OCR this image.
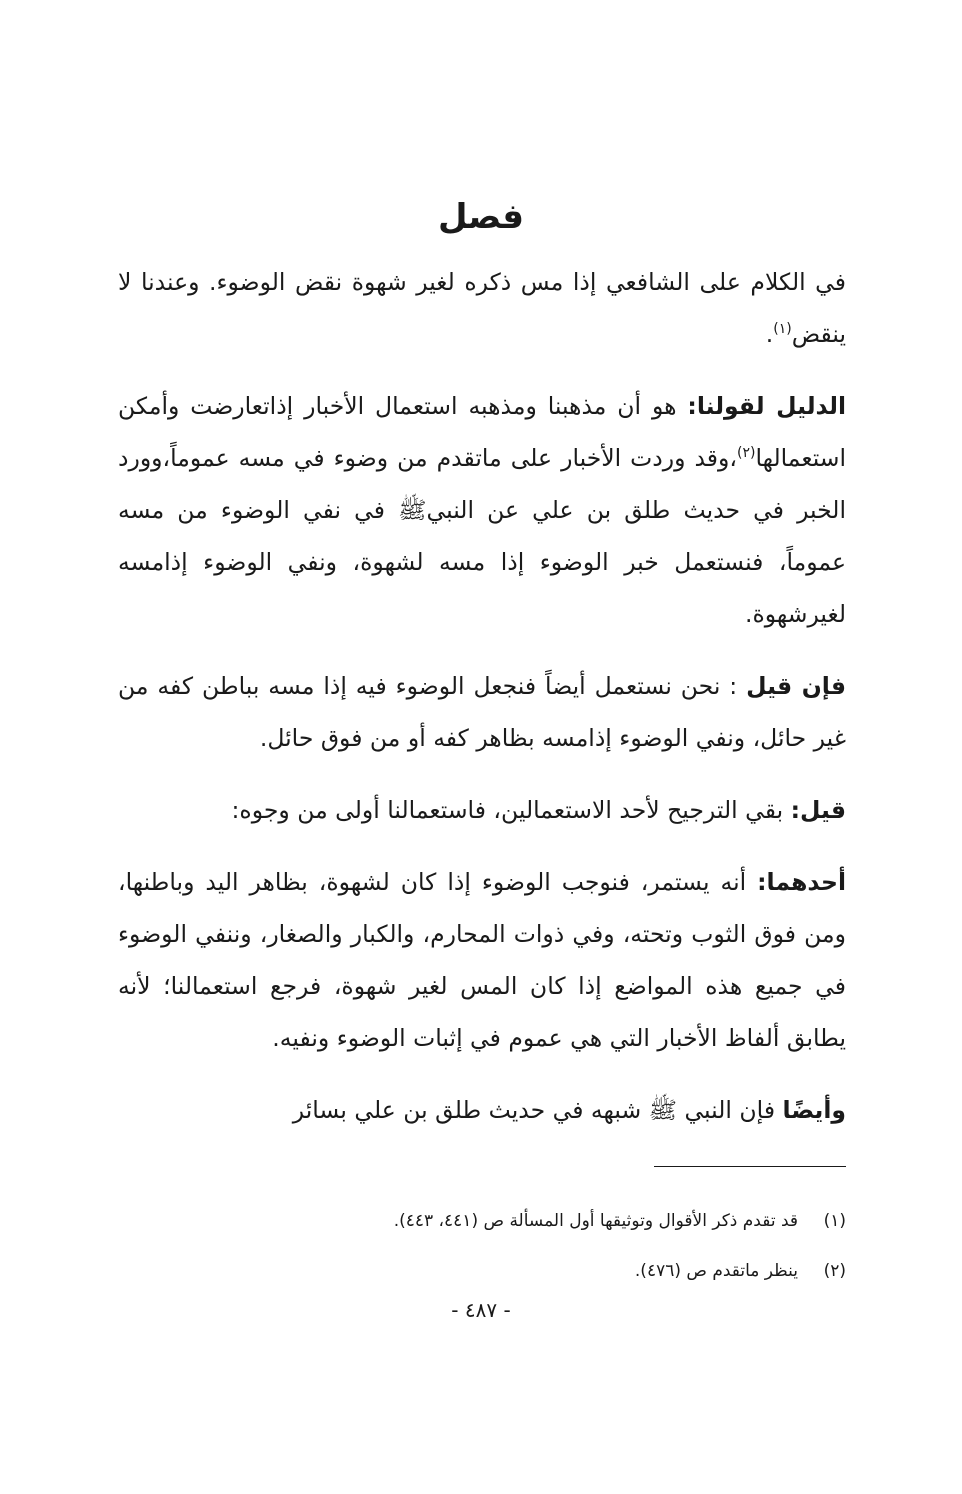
فصل

في الكلام على الشافعي إذا مس ذكره لغير شهوة نقض الوضوء. وعندنا لا ينقض$^{(١)}$.

الدليل لقولنا: هو أن مذهبنا ومذهبه استعمال الأخبار إذاتعارضت وأمكن استعمالها$^{(٢)}$،وقد وردت الأخبار على ماتقدم من وضوء في مسه عموماً،وورد الخبر في حديث طلق بن علي عن النبيﷺ في نفي الوضوء من مسه عموماً، فنستعمل خبر الوضوء إذا مسه لشهوة، ونفي الوضوء إذامسه لغيرشهوة.

فإن قيل : نحن نستعمل أيضاً فنجعل الوضوء فيه إذا مسه بباطن كفه من غير حائل، ونفي الوضوء إذامسه بظاهر كفه أو من فوق حائل.

قيل: بقي الترجيح لأحد الاستعمالين، فاستعمالنا أولى من وجوه:

أحدهما: أنه يستمر، فنوجب الوضوء إذا كان لشهوة، بظاهر اليد وباطنها، ومن فوق الثوب وتحته، وفي ذوات المحارم، والكبار والصغار، وننفي الوضوء في جميع هذه المواضع إذا كان المس لغير شهوة، فرجع استعمالنا؛ لأنه يطابق ألفاظ الأخبار التي هي عموم في إثبات الوضوء ونفيه.

وأيضًا فإن النبي ﷺ شبهه في حديث طلق بن علي بسائر

(١)
قد تقدم ذكر الأقوال وتوثيقها أول المسألة ص (٤٤١، ٤٤٣).
(٢)
ينظر ماتقدم ص (٤٧٦).
- ٤٨٧ -
